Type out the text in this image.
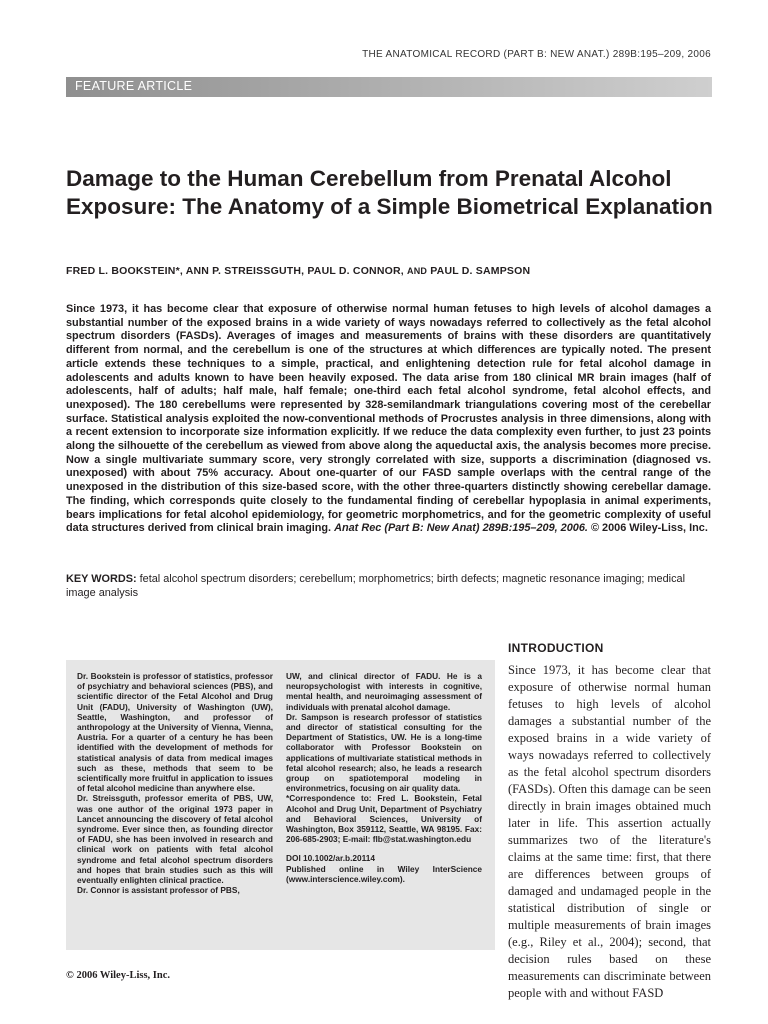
THE ANATOMICAL RECORD (PART B: NEW ANAT.) 289B:195–209, 2006
FEATURE ARTICLE
Damage to the Human Cerebellum from Prenatal Alcohol Exposure: The Anatomy of a Simple Biometrical Explanation
FRED L. BOOKSTEIN*, ANN P. STREISSGUTH, PAUL D. CONNOR, AND PAUL D. SAMPSON

Since 1973, it has become clear that exposure of otherwise normal human fetuses to high levels of alcohol damages a substantial number of the exposed brains in a wide variety of ways nowadays referred to collectively as the fetal alcohol spectrum disorders (FASDs). Averages of images and measurements of brains with these disorders are quantitatively different from normal, and the cerebellum is one of the structures at which differences are typically noted. The present article extends these techniques to a simple, practical, and enlightening detection rule for fetal alcohol damage in adolescents and adults known to have been heavily exposed. The data arise from 180 clinical MR brain images (half of adolescents, half of adults; half male, half female; one-third each fetal alcohol syndrome, fetal alcohol effects, and unexposed). The 180 cerebellums were represented by 328-semilandmark triangulations covering most of the cerebellar surface. Statistical analysis exploited the now-conventional methods of Procrustes analysis in three dimensions, along with a recent extension to incorporate size information explicitly. If we reduce the data complexity even further, to just 23 points along the silhouette of the cerebellum as viewed from above along the aqueductal axis, the analysis becomes more precise. Now a single multivariate summary score, very strongly correlated with size, supports a discrimination (diagnosed vs. unexposed) with about 75% accuracy. About one-quarter of our FASD sample overlaps with the central range of the unexposed in the distribution of this size-based score, with the other three-quarters distinctly showing cerebellar damage. The finding, which corresponds quite closely to the fundamental finding of cerebellar hypoplasia in animal experiments, bears implications for fetal alcohol epidemiology, for geometric morphometrics, and for the geometric complexity of useful data structures derived from clinical brain imaging. Anat Rec (Part B: New Anat) 289B:195–209, 2006. © 2006 Wiley-Liss, Inc.

KEY WORDS: fetal alcohol spectrum disorders; cerebellum; morphometrics; birth defects; magnetic resonance imaging; medical image analysis

Dr. Bookstein is professor of statistics, professor of psychiatry and behavioral sciences (PBS), and scientific director of the Fetal Alcohol and Drug Unit (FADU), University of Washington (UW), Seattle, Washington, and professor of anthropology at the University of Vienna, Vienna, Austria. For a quarter of a century he has been identified with the development of methods for statistical analysis of data from medical images such as these, methods that seem to be scientifically more fruitful in application to issues of fetal alcohol medicine than anywhere else.

Dr. Streissguth, professor emerita of PBS, UW, was one author of the original 1973 paper in Lancet announcing the discovery of fetal alcohol syndrome. Ever since then, as founding director of FADU, she has been involved in research and clinical work on patients with fetal alcohol syndrome and fetal alcohol spectrum disorders and hopes that brain studies such as this will eventually enlighten clinical practice.

Dr. Connor is assistant professor of PBS,

UW, and clinical director of FADU. He is a neuropsychologist with interests in cognitive, mental health, and neuroimaging assessment of individuals with prenatal alcohol damage.

Dr. Sampson is research professor of statistics and director of statistical consulting for the Department of Statistics, UW. He is a long-time collaborator with Professor Bookstein on applications of multivariate statistical methods in fetal alcohol research; also, he leads a research group on spatiotemporal modeling in environmetrics, focusing on air quality data.

*Correspondence to: Fred L. Bookstein, Fetal Alcohol and Drug Unit, Department of Psychiatry and Behavioral Sciences, University of Washington, Box 359112, Seattle, WA 98195. Fax: 206-685-2903; E-mail: flb@stat.washington.edu

DOI 10.1002/ar.b.20114

Published online in Wiley InterScience (www.interscience.wiley.com).

INTRODUCTION

Since 1973, it has become clear that exposure of otherwise normal human fetuses to high levels of alcohol damages a substantial number of the exposed brains in a wide variety of ways nowadays referred to collectively as the fetal alcohol spectrum disorders (FASDs). Often this damage can be seen directly in brain images obtained much later in life. This assertion actually summarizes two of the literature's claims at the same time: first, that there are differences between groups of damaged and undamaged people in the statistical distribution of single or multiple measurements of brain images (e.g., Riley et al., 2004); second, that decision rules based on these measurements can discriminate between people with and without FASD

© 2006 Wiley-Liss, Inc.
